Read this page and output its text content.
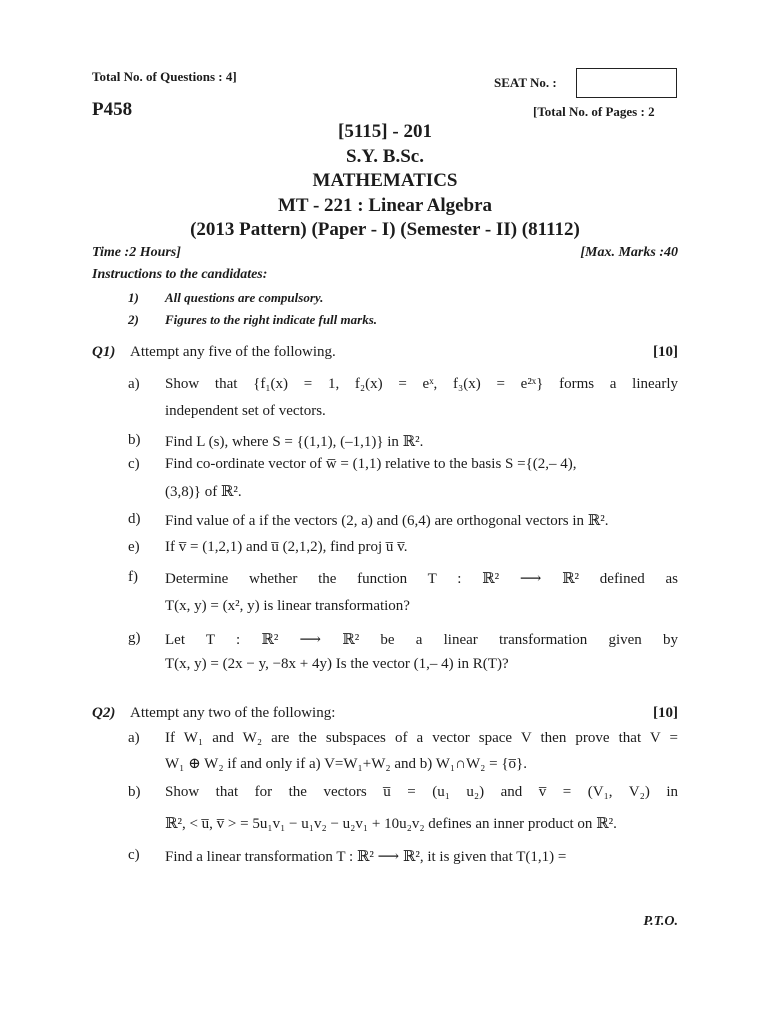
Total No. of Questions : 4]	SEAT No. :
P458	[Total No. of Pages : 2
[5115] - 201
S.Y. B.Sc.
MATHEMATICS
MT - 221 : Linear Algebra
(2013 Pattern) (Paper - I) (Semester - II) (81112)
Time :2 Hours]	[Max. Marks :40
Instructions to the candidates:
1) All questions are compulsory.
2) Figures to the right indicate full marks.
Q1) Attempt any five of the following.	[10]
a) Show that {f₁(x) = 1, f₂(x) = eˣ, f₃(x) = e²ˣ} forms a linearly
independent set of vectors.
b) Find L (s), where S = {(1,1), (–1,1)} in ℝ².
c) Find co-ordinate vector of w̅ = (1,1) relative to the basis S ={(2,– 4),
(3,8)} of ℝ².
d) Find value of a if the vectors (2, a) and (6,4) are orthogonal vectors in ℝ².
e) If v̅ = (1,2,1) and u̅ (2,1,2), find proj u̅ v̅.
f) Determine whether the function T : ℝ² ⟶ ℝ² defined as
T(x, y) = (x², y) is linear transformation?
g) Let T : ℝ² ⟶ ℝ² be a linear transformation given by
T(x, y) = (2x − y, −8x + 4y) Is the vector (1,– 4) in R(T)?
Q2) Attempt any two of the following:	[10]
a) If W₁ and W₂ are the subspaces of a vector space V then prove that V =
W₁ ⊕ W₂ if and only if a) V=W₁+W₂ and b) W₁∩W₂ = {o̅}.
b) Show that for the vectors u̅ = (u₁ u₂) and v̅ = (V₁, V₂) in
ℝ², < u̅, v̅ > = 5u₁v₁ − u₁v₂ − u₂v₁ + 10u₂v₂ defines an inner product on ℝ².
c) Find a linear transformation T : ℝ² ⟶ ℝ², it is given that T(1,1) =
P.T.O.
